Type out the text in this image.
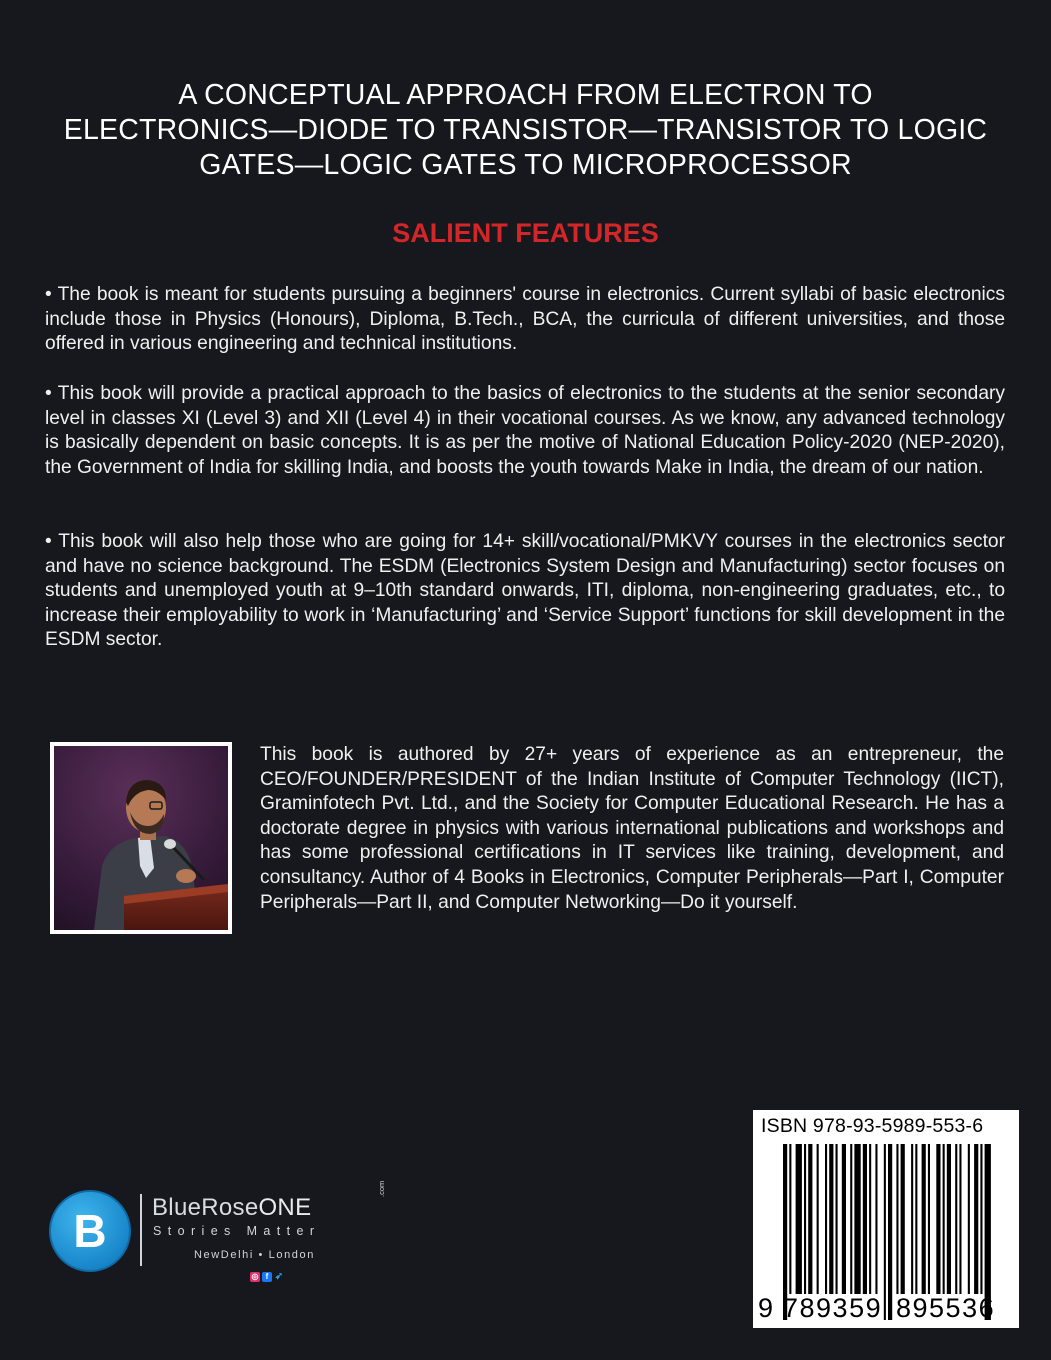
A CONCEPTUAL APPROACH FROM ELECTRON TO
ELECTRONICS—DIODE TO TRANSISTOR—TRANSISTOR TO LOGIC
GATES—LOGIC GATES TO MICROPROCESSOR
SALIENT FEATURES
• The book is meant for students pursuing a beginners' course in electronics. Current syllabi of basic electronics include those in Physics (Honours), Diploma, B.Tech., BCA, the curricula of different universities, and those offered in various engineering and technical institutions.
• This book will provide a practical approach to the basics of electronics to the students at the senior secondary level in classes XI (Level 3) and XII (Level 4) in their vocational courses. As we know, any advanced technology is basically dependent on basic concepts. It is as per the motive of National Education Policy-2020 (NEP-2020), the Government of India for skilling India, and boosts the youth towards Make in India, the dream of our nation.
• This book will also help those who are going for 14+ skill/vocational/PMKVY courses in the electronics sector and have no science background. The ESDM (Electronics System Design and Manufacturing) sector focuses on students and unemployed youth at 9–10th standard onwards, ITI, diploma, non-engineering graduates, etc., to increase their employability to work in ‘Manufacturing’ and ‘Service Support’ functions for skill development in the ESDM sector.
This book is authored by 27+ years of experience as an entrepreneur, the CEO/FOUNDER/PRESIDENT of the Indian Institute of Computer Technology (IICT), Graminfotech Pvt. Ltd., and the Society for Computer Educational Research. He has a doctorate degree in physics with various international publications and workshops and has some professional certifications in IT services like training, development, and consultancy. Author of 4 Books in Electronics, Computer Peripherals—Part I, Computer Peripherals—Part II, and Computer Networking—Do it yourself.
B BlueRoseONE
.com
Stories Matter
NewDelhi • London
◎ f ➶
ISBN 978-93-5989-553-6
9 789359 895536
